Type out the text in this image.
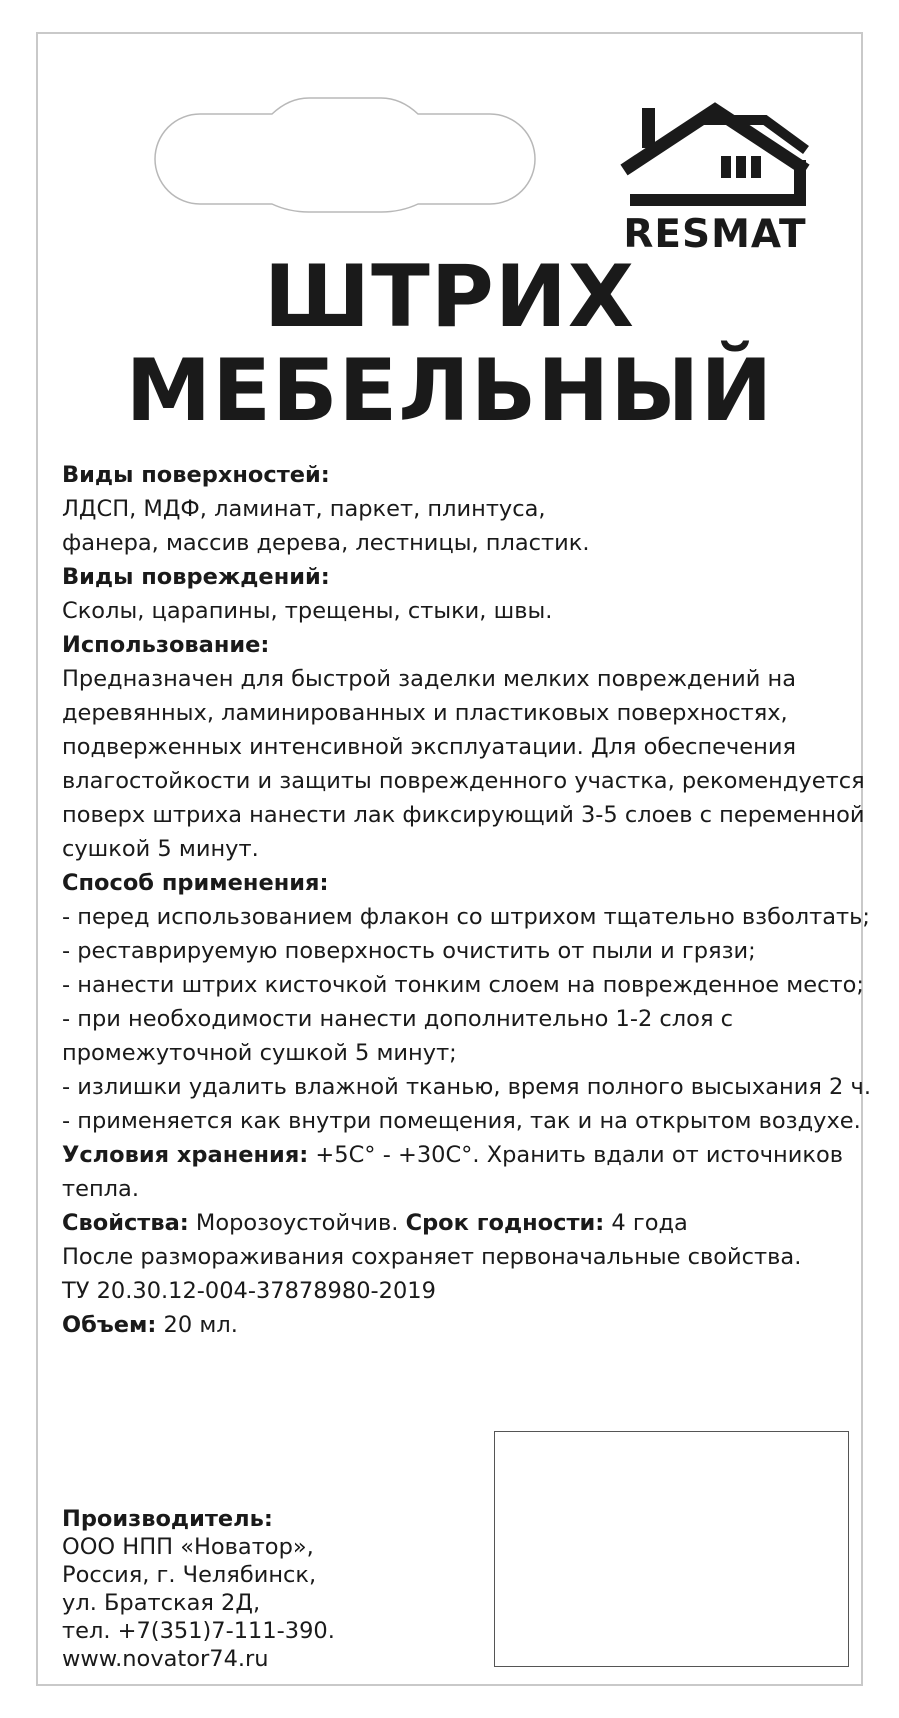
RESMAT
ШТРИХ
МЕБЕЛЬНЫЙ

Виды поверхностей:

ЛДСП, МДФ, ламинат, паркет, плинтуса,

фанера, массив дерева, лестницы, пластик.

Виды повреждений:

Сколы, царапины, трещены, стыки, швы.

Использование:

Предназначен для быстрой заделки мелких повреждений на

деревянных, ламинированных и пластиковых поверхностях,

подверженных интенсивной эксплуатации. Для обеспечения

влагостойкости и защиты поврежденного участка, рекомендуется

поверх штриха нанести лак фиксирующий 3-5 слоев с переменной

сушкой 5 минут.

Способ применения:

- перед использованием флакон со штрихом тщательно взболтать;

- реставрируемую поверхность очистить от пыли и грязи;

- нанести штрих кисточкой тонким слоем на поврежденное место;

- при необходимости нанести дополнительно 1-2 слоя с

промежуточной сушкой 5 минут;

- излишки удалить влажной тканью, время полного высыхания 2 ч.

- применяется как внутри помещения, так и на открытом воздухе.

Условия хранения: +5С° - +30С°. Хранить вдали от источников

тепла.

Свойства: Морозоустойчив. Срок годности: 4 года

После размораживания сохраняет первоначальные свойства.

ТУ 20.30.12-004-37878980-2019

Объем: 20 мл.

Производитель:

ООО НПП «Новатор»,

Россия, г. Челябинск,

ул. Братская 2Д,

тел. +7(351)7-111-390.

www.novator74.ru
